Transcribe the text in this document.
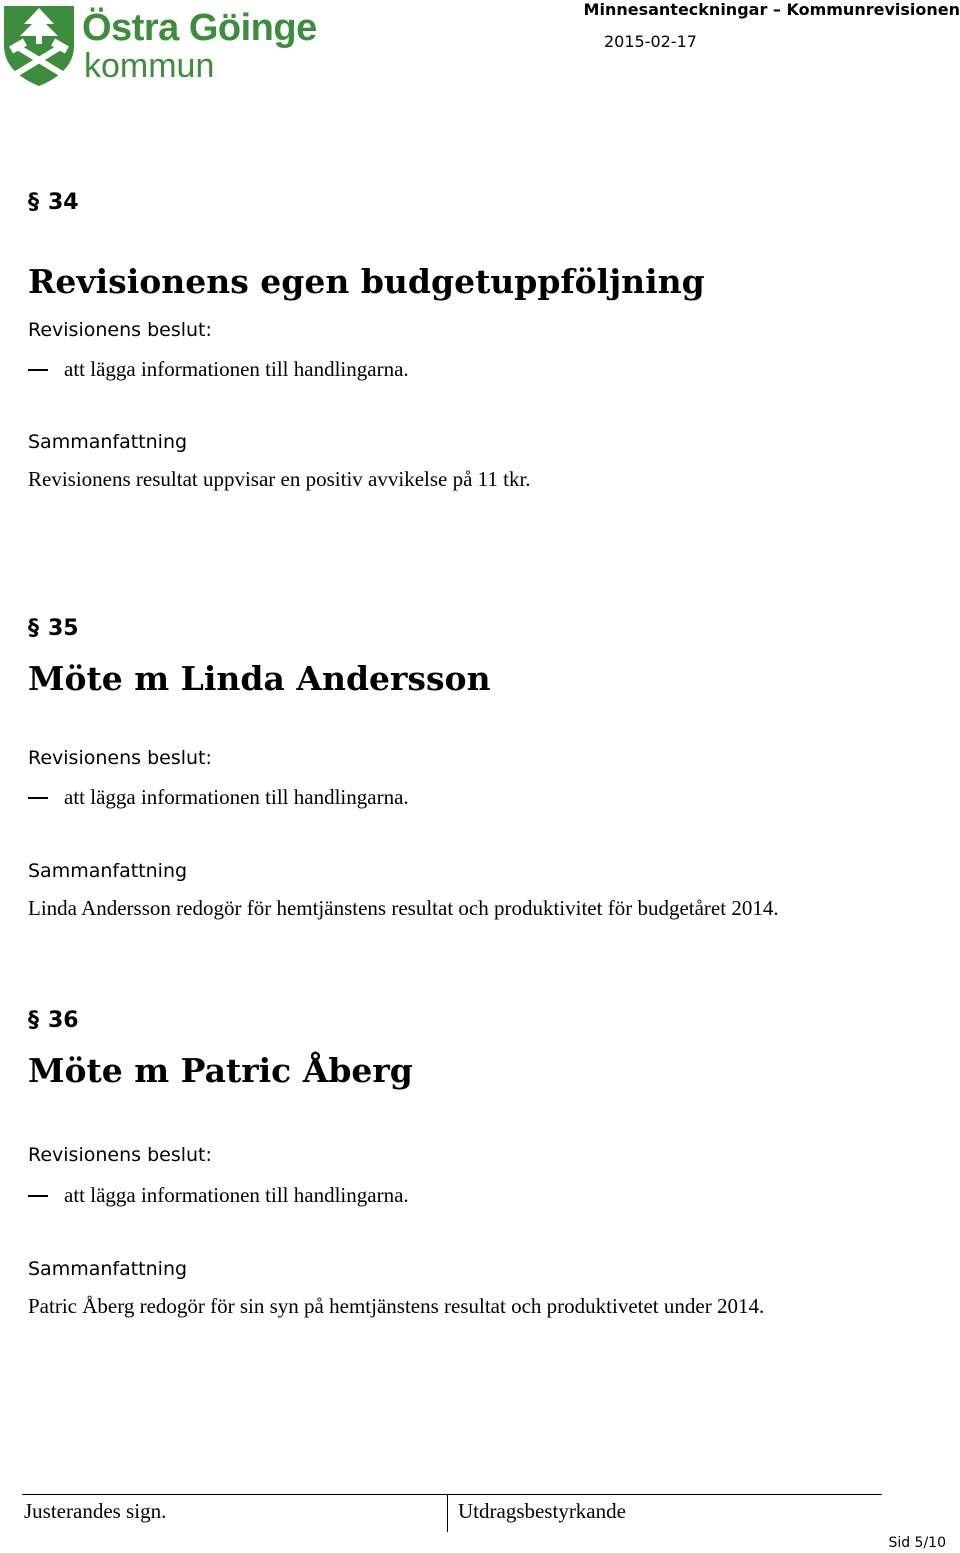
Östra Göinge
kommun
Minnesanteckningar – Kommunrevisionen
2015-02-17
§ 34
Revisionens egen budgetuppföljning
Revisionens beslut:
att lägga informationen till handlingarna.
Sammanfattning
Revisionens resultat uppvisar en positiv avvikelse på 11 tkr.
§ 35
Möte m Linda Andersson
Revisionens beslut:
att lägga informationen till handlingarna.
Sammanfattning
Linda Andersson redogör för hemtjänstens resultat och produktivitet för budgetåret 2014.
§ 36
Möte m Patric Åberg
Revisionens beslut:
att lägga informationen till handlingarna.
Sammanfattning
Patric Åberg redogör för sin syn på hemtjänstens resultat och produktivetet under 2014.
Justerandes sign.	Utdragsbestyrkande
Sid 5/10
